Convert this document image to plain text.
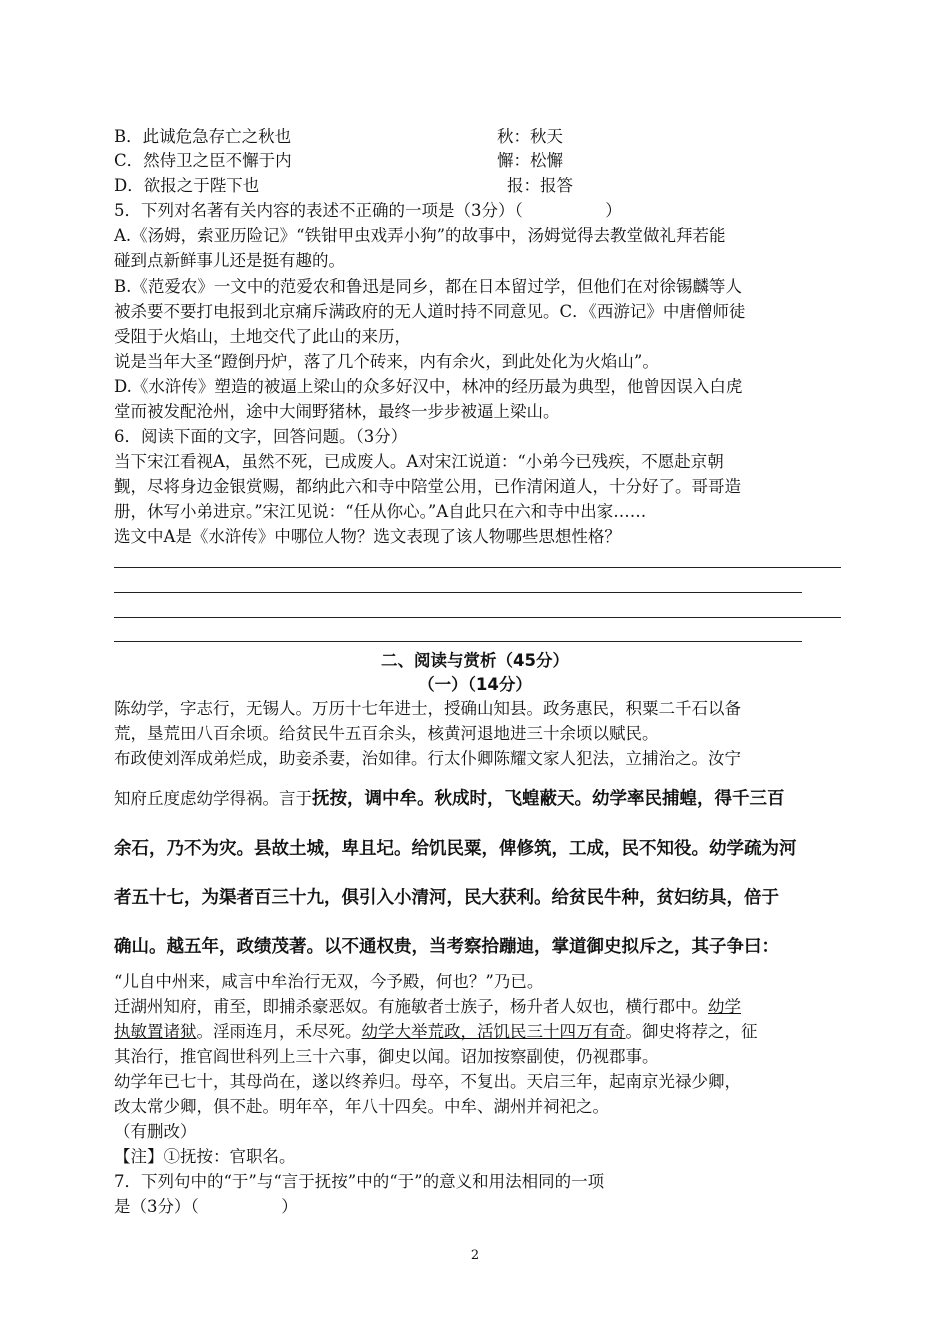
B．此诚危急存亡之秋也	秋：秋天
C．然侍卫之臣不懈于内	懈：松懈
D．欲报之于陛下也	报：报答
5．下列对名著有关内容的表述不正确的一项是（3分）（　　　　　）
A.《汤姆，索亚历险记》“铁钳甲虫戏弄小狗”的故事中，汤姆觉得去教堂做礼拜若能
碰到点新鲜事儿还是挺有趣的。
B.《范爱农》一文中的范爱农和鲁迅是同乡，都在日本留过学，但他们在对徐锡麟等人
被杀要不要打电报到北京痛斥满政府的无人道时持不同意见。C．《西游记》中唐僧师徒
受阻于火焰山，土地交代了此山的来历，
说是当年大圣“蹬倒丹炉，落了几个砖来，内有余火，到此处化为火焰山”。
D.《水浒传》塑造的被逼上梁山的众多好汉中，林冲的经历最为典型，他曾因误入白虎
堂而被发配沧州，途中大闹野猪林，最终一步步被逼上梁山。
6．阅读下面的文字，回答问题。（3分）
当下宋江看视A，虽然不死，已成废人。A对宋江说道：“小弟今已残疾，不愿赴京朝
觐，尽将身边金银赏赐，都纳此六和寺中陪堂公用，已作清闲道人，十分好了。哥哥造
册，休写小弟进京。”宋江见说：“任从你心。”A自此只在六和寺中出家……
选文中A是《水浒传》中哪位人物？选文表现了该人物哪些思想性格？
二、阅读与赏析（45分）
（一）（14分）
陈幼学，字志行，无锡人。万历十七年进士，授确山知县。政务惠民，积粟二千石以备
荒，垦荒田八百余顷。给贫民牛五百余头，核黄河退地进三十余顷以赋民。
布政使刘浑成弟烂成，助妾杀妻，治如律。行太仆卿陈耀文家人犯法，立捕治之。汝宁
知府丘度虑幼学得祸。言于抚按，调中牟。秋成时，飞蝗蔽天。幼学率民捕蝗，得千三百
余石，乃不为灾。县故土城，卑且圮。给饥民粟，俾修筑，工成，民不知役。幼学疏为河
者五十七，为渠者百三十九，俱引入小清河，民大获利。给贫民牛种，贫妇纺具，倍于
确山。越五年，政绩茂著。以不通权贵，当考察拾蹦迪，掌道御史拟斥之，其子争曰：
“儿自中州来，咸言中牟治行无双，今予殿，何也？”乃已。
迁湖州知府，甫至，即捕杀豪恶奴。有施敏者士族子，杨升者人奴也，横行郡中。幼学
执敏置诸狱。淫雨连月，禾尽死。幼学大举荒政，活饥民三十四万有奇。御史将荐之，征
其治行，推官阎世科列上三十六事，御史以闻。诏加按察副使，仍视郡事。
幼学年已七十，其母尚在，遂以终养归。母卒，不复出。天启三年，起南京光禄少卿，
改太常少卿，俱不赴。明年卒，年八十四矣。中牟、湖州并祠祀之。
（有删改）
【注】①抚按：官职名。
7．下列句中的“于”与“言于抚按”中的“于”的意义和用法相同的一项
是（3分）（　　　　　）
2
